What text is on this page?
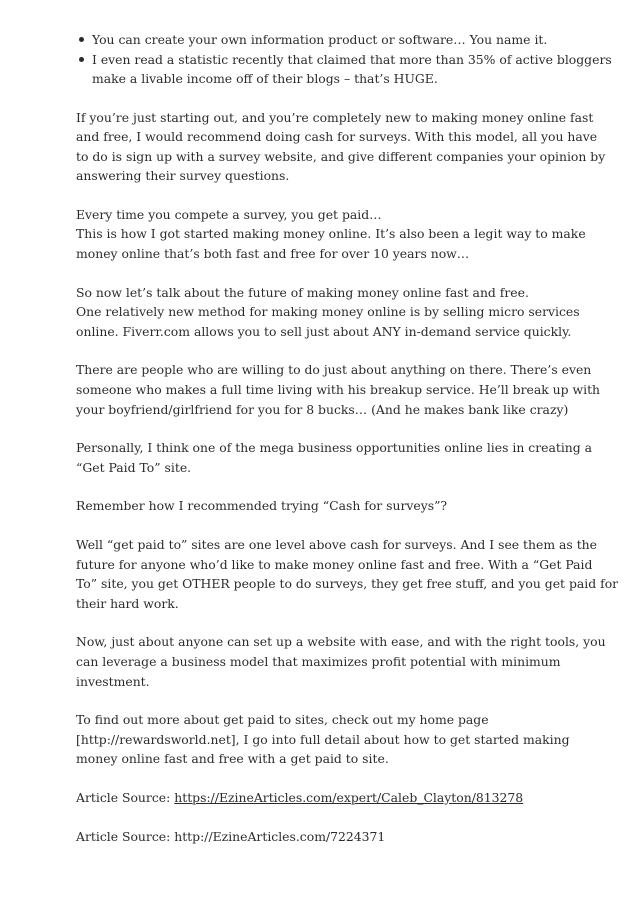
You can create your own information product or software… You name it.
I even read a statistic recently that claimed that more than 35% of active bloggers
make a livable income off of their blogs – that’s HUGE.

If you’re just starting out, and you’re completely new to making money online fast
and free, I would recommend doing cash for surveys. With this model, all you have
to do is sign up with a survey website, and give different companies your opinion by
answering their survey questions.

Every time you compete a survey, you get paid…
This is how I got started making money online. It’s also been a legit way to make
money online that’s both fast and free for over 10 years now…

So now let’s talk about the future of making money online fast and free.
One relatively new method for making money online is by selling micro services
online. Fiverr.com allows you to sell just about ANY in-demand service quickly.

There are people who are willing to do just about anything on there. There’s even
someone who makes a full time living with his breakup service. He’ll break up with
your boyfriend/girlfriend for you for 8 bucks… (And he makes bank like crazy)

Personally, I think one of the mega business opportunities online lies in creating a
“Get Paid To” site.

Remember how I recommended trying “Cash for surveys”?

Well “get paid to” sites are one level above cash for surveys. And I see them as the
future for anyone who’d like to make money online fast and free. With a “Get Paid
To” site, you get OTHER people to do surveys, they get free stuff, and you get paid for
their hard work.

Now, just about anyone can set up a website with ease, and with the right tools, you
can leverage a business model that maximizes profit potential with minimum
investment.

To find out more about get paid to sites, check out my home page
[http://rewardsworld.net], I go into full detail about how to get started making
money online fast and free with a get paid to site.

Article Source: https://EzineArticles.com/expert/Caleb_Clayton/813278

Article Source: http://EzineArticles.com/7224371
